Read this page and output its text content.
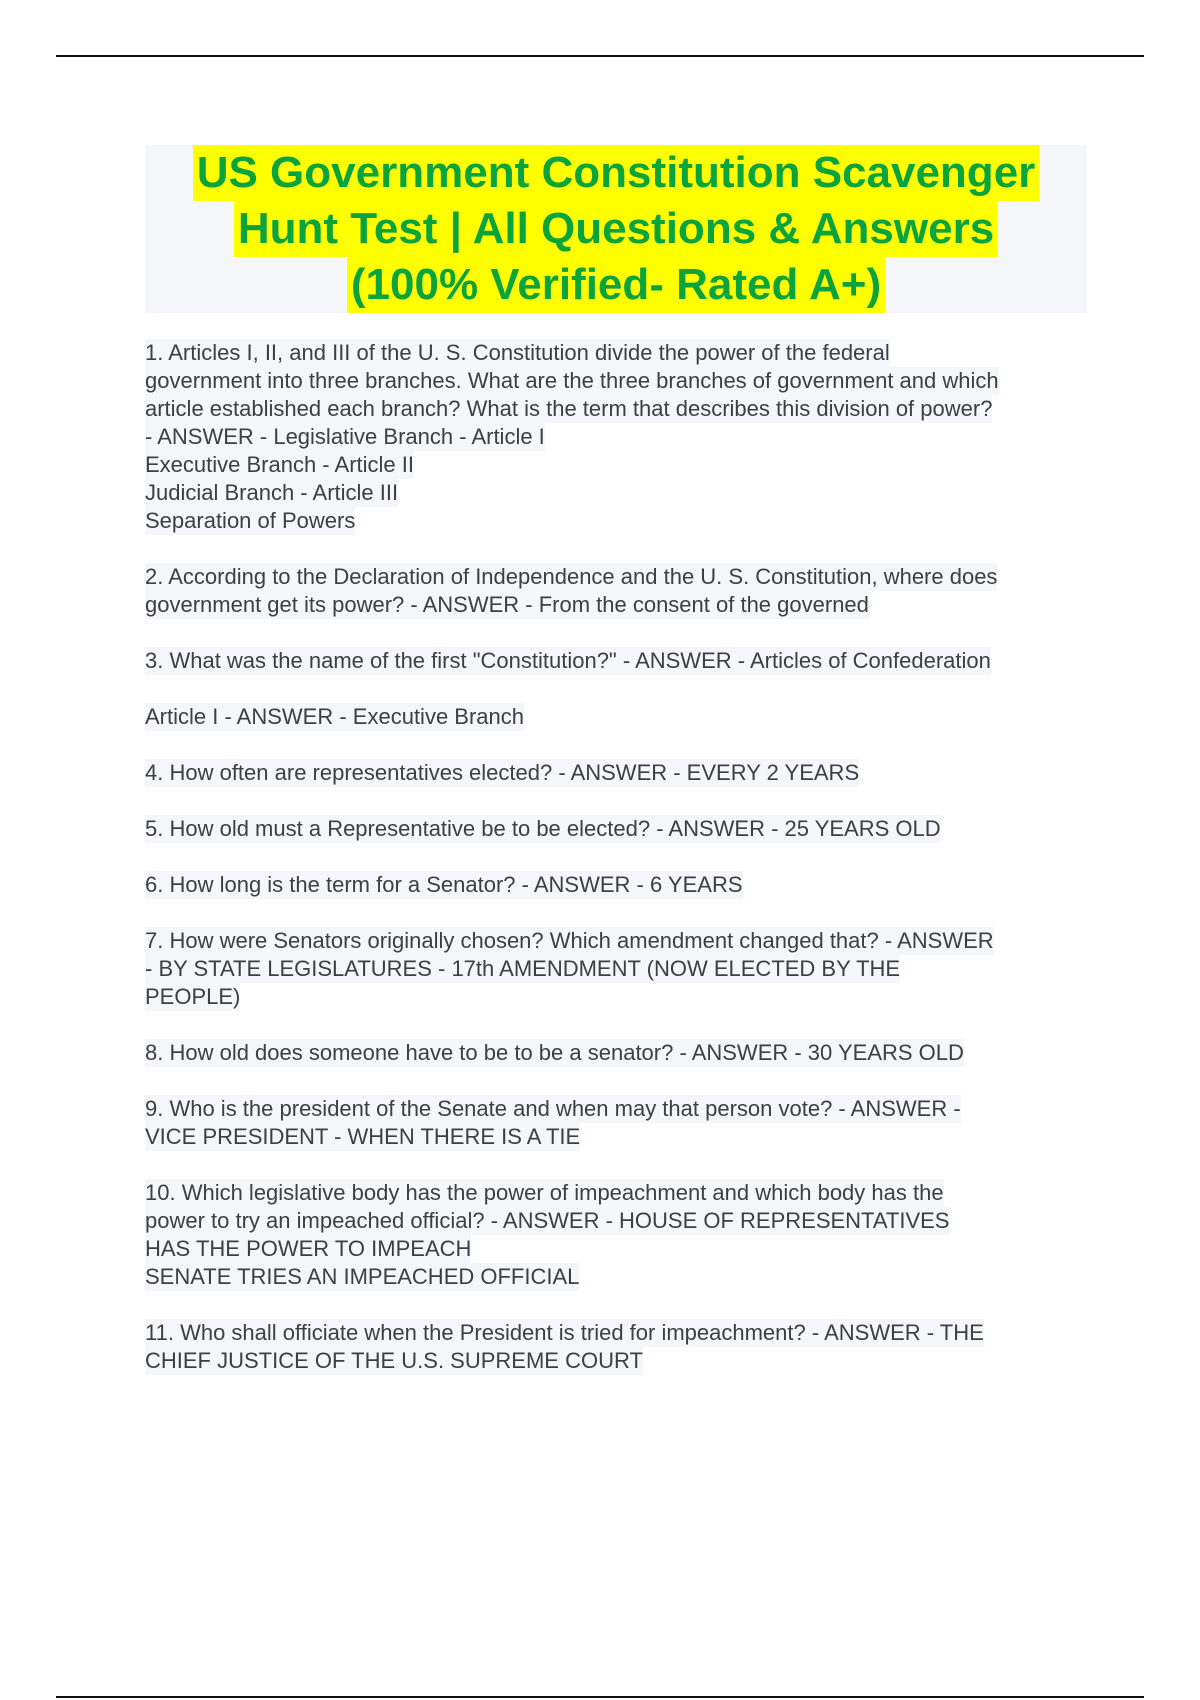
US Government Constitution Scavenger
Hunt Test | All Questions & Answers
(100% Verified- Rated A+)
1. Articles I, II, and III of the U. S. Constitution divide the power of the federal
government into three branches. What are the three branches of government and which
article established each branch? What is the term that describes this division of power?
- ANSWER - Legislative Branch - Article I
Executive Branch - Article II
Judicial Branch - Article III
Separation of Powers
2. According to the Declaration of Independence and the U. S. Constitution, where does
government get its power? - ANSWER - From the consent of the governed
3. What was the name of the first "Constitution?" - ANSWER - Articles of Confederation
Article I - ANSWER - Executive Branch
4. How often are representatives elected? - ANSWER - EVERY 2 YEARS
5. How old must a Representative be to be elected? - ANSWER - 25 YEARS OLD
6. How long is the term for a Senator? - ANSWER - 6 YEARS
7. How were Senators originally chosen? Which amendment changed that? - ANSWER
- BY STATE LEGISLATURES - 17th AMENDMENT (NOW ELECTED BY THE
PEOPLE)
8. How old does someone have to be to be a senator? - ANSWER - 30 YEARS OLD
9. Who is the president of the Senate and when may that person vote? - ANSWER -
VICE PRESIDENT - WHEN THERE IS A TIE
10. Which legislative body has the power of impeachment and which body has the
power to try an impeached official? - ANSWER - HOUSE OF REPRESENTATIVES
HAS THE POWER TO IMPEACH
SENATE TRIES AN IMPEACHED OFFICIAL
11. Who shall officiate when the President is tried for impeachment? - ANSWER - THE
CHIEF JUSTICE OF THE U.S. SUPREME COURT
